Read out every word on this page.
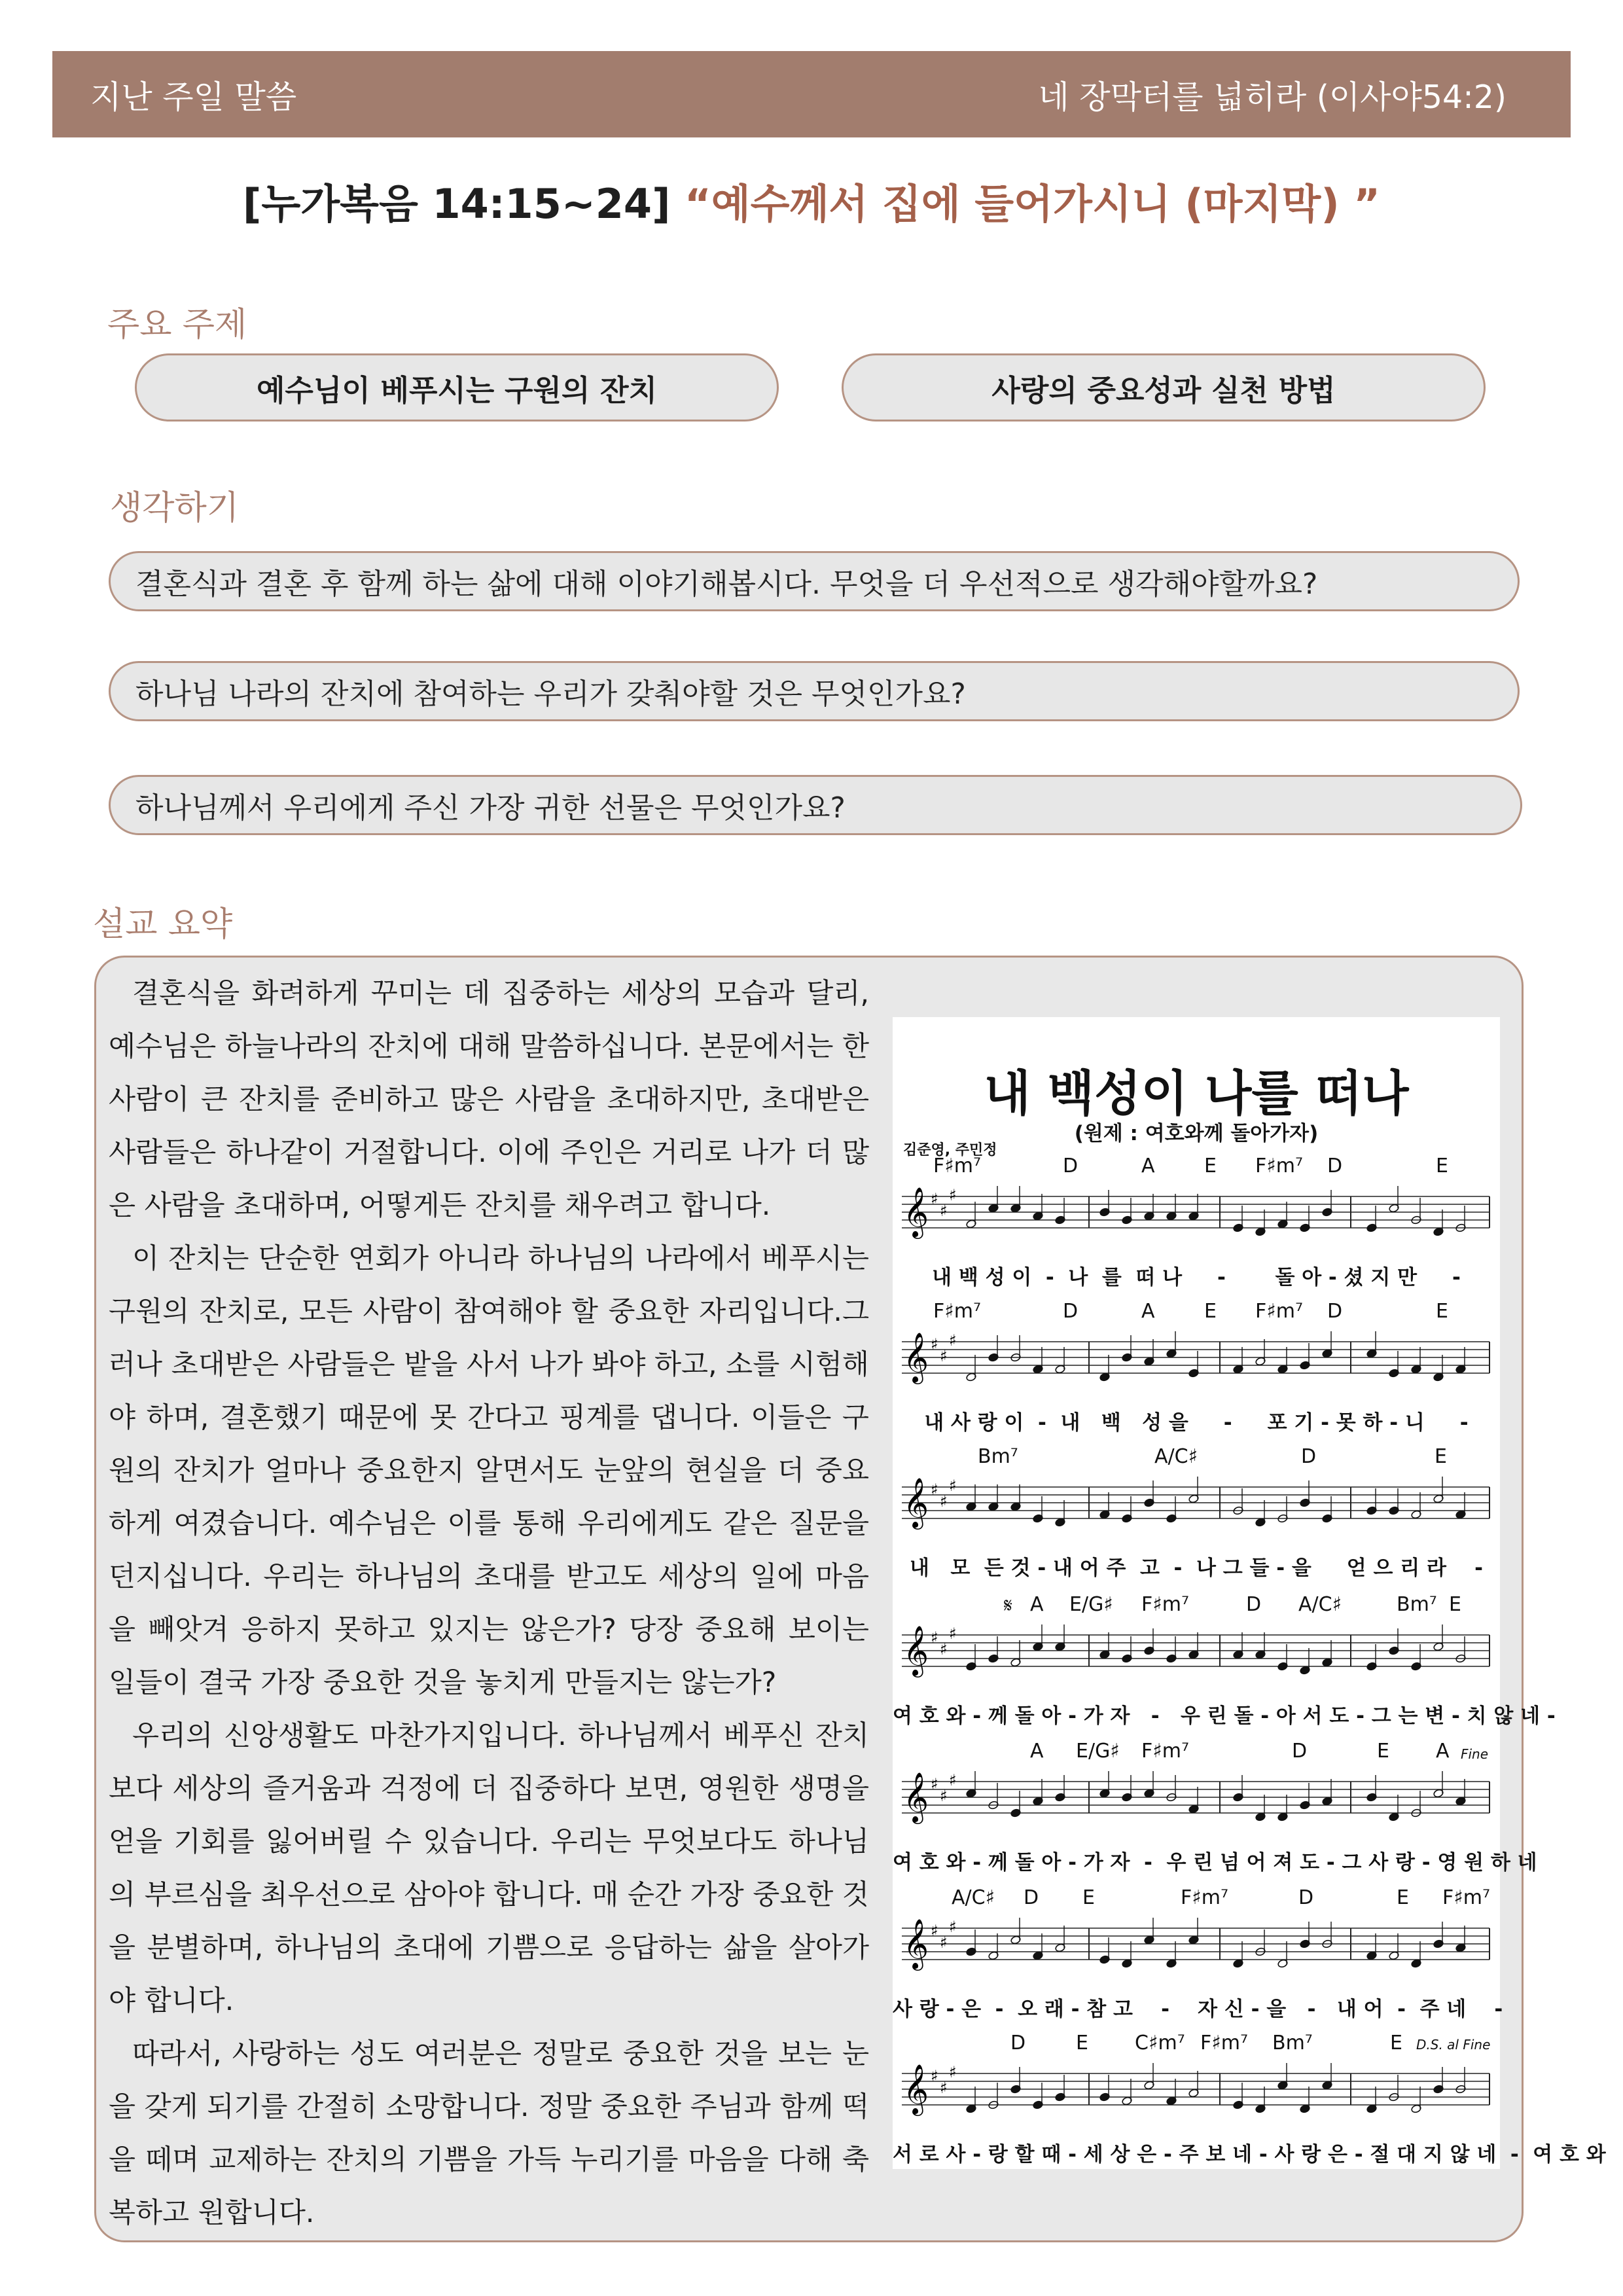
지난 주일 말씀	네 장막터를 넓히라 (이사야54:2)
[누가복음 14:15~24] “예수께서 집에 들어가시니 (마지막) ”
주요 주제
예수님이 베푸시는 구원의 잔치	사랑의 중요성과 실천 방법
생각하기
결혼식과 결혼 후 함께 하는 삶에 대해 이야기해봅시다. 무엇을 더 우선적으로 생각해야할까요?
하나님 나라의 잔치에 참여하는 우리가 갖춰야할 것은 무엇인가요?
하나님께서 우리에게 주신 가장 귀한 선물은 무엇인가요?
설교 요약

결혼식을 화려하게 꾸미는 데 집중하는 세상의 모습과 달리, 예수님은 하늘나라의 잔치에 대해 말씀하십니다. 본문에서는 한 사람이 큰 잔치를 준비하고 많은 사람을 초대하지만, 초대받은 사람들은 하나같이 거절합니다. 이에 주인은 거리로 나가 더 많은 사람을 초대하며, 어떻게든 잔치를 채우려고 합니다.

이 잔치는 단순한 연회가 아니라 하나님의 나라에서 베푸시는 구원의 잔치로, 모든 사람이 참여해야 할 중요한 자리입니다.그러나 초대받은 사람들은 밭을 사서 나가 봐야 하고, 소를 시험해야 하며, 결혼했기 때문에 못 간다고 핑계를 댑니다. 이들은 구원의 잔치가 얼마나 중요한지 알면서도 눈앞의 현실을 더 중요하게 여겼습니다. 예수님은 이를 통해 우리에게도 같은 질문을 던지십니다. 우리는 하나님의 초대를 받고도 세상의 일에 마음을 빼앗겨 응하지 못하고 있지는 않은가? 당장 중요해 보이는 일들이 결국 가장 중요한 것을 놓치게 만들지는 않는가?

우리의 신앙생활도 마찬가지입니다. 하나님께서 베푸신 잔치보다 세상의 즐거움과 걱정에 더 집중하다 보면, 영원한 생명을 얻을 기회를 잃어버릴 수 있습니다. 우리는 무엇보다도 하나님의 부르심을 최우선으로 삼아야 합니다. 매 순간 가장 중요한 것을 분별하며, 하나님의 초대에 기쁨으로 응답하는 삶을 살아가야 합니다.

따라서, 사랑하는 성도 여러분은 정말로 중요한 것을 보는 눈을 갖게 되기를 간절히 소망합니다. 정말 중요한 주님과 함께 떡을 떼며 교제하는 잔치의 기쁨을 가득 누리기를 마음을 다해 축복하고 원합니다.

내 백성이 나를 떠나
(원제 : 여호와께 돌아가자)
김준영, 주민정
𝄞 ♯
♯
♯
F♯m⁷	D	A	E F♯m⁷ D	E
내 백 성 이  -  나  를  떠 나     -       돌 아 - 셨 지 만     -
𝄞 ♯
♯
♯
F♯m⁷	D	A	E F♯m⁷ D	E
내 사 랑 이  -  내   백   성 을     -     포 기 - 못 하 - 니     -
𝄞 ♯
♯
♯
Bm⁷	A/C♯	D	E
내   모  든 것 - 내 어 주  고  -  나 그 들 - 을     얻 으 리 라    -
𝄞 ♯
♯
♯
A E/G♯ F♯m⁷	D A/C♯	Bm⁷ E
여 호 와 - 께 돌 아 - 가 자   -   우 린 돌 - 아 서 도 - 그 는 변 - 치 않 네 -
𝄋
𝄞 ♯
♯
♯
A E/G♯ F♯m⁷	D	E A
여 호 와 - 께 돌 아 - 가 자  -  우 린 넘 어 져 도 - 그 사 랑 - 영 원 하 네
Fine
𝄞 ♯
♯
♯
A/C♯ D E	F♯m⁷	D	E F♯m⁷
사 랑 - 은  -  오 래 - 참 고    -    자 신 - 을   -   내 어  -  주 네    -
𝄞 ♯
♯
♯
D	E C♯m⁷ F♯m⁷ Bm⁷	E
서 로 사 - 랑 할 때 - 세 상 은 - 주 보 네 - 사 랑 은 - 절 대 지 않 네  -  여 호 와
D.S. al Fine
